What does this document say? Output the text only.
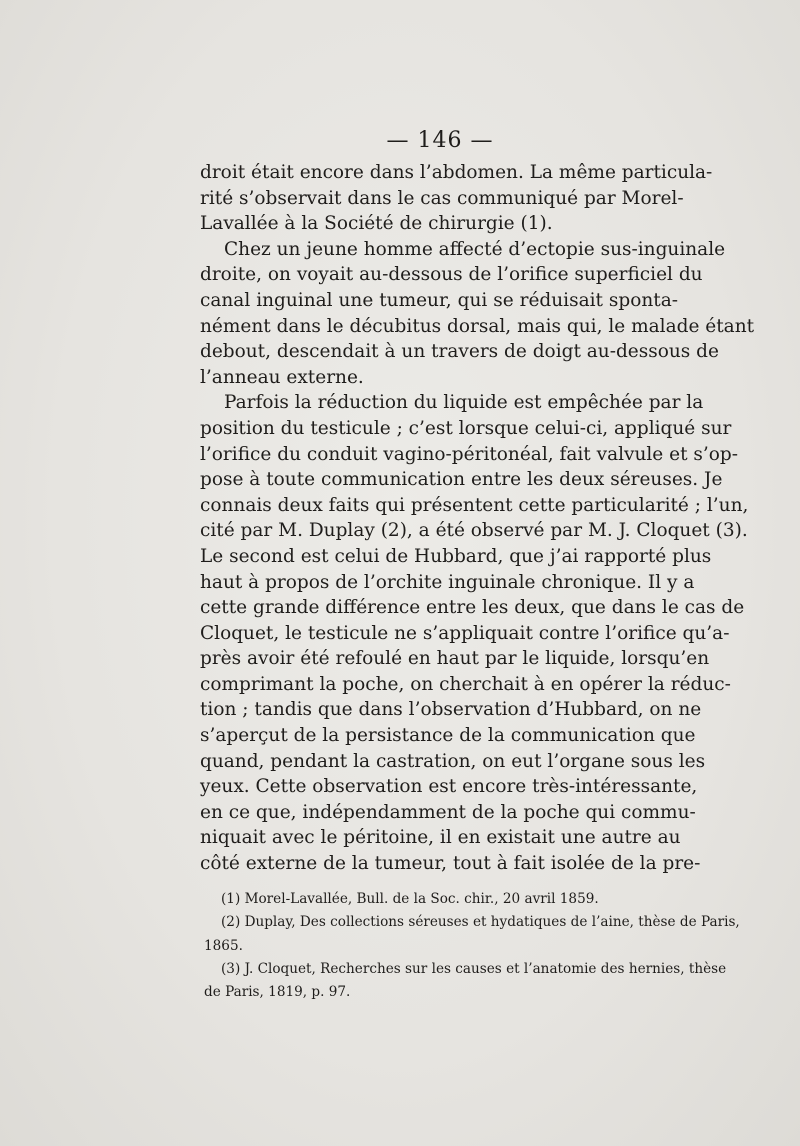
— 146 —
droit était encore dans l’abdomen. La même particula-
rité s’observait dans le cas communiqué par Morel-
Lavallée à la Société de chirurgie (1).
Chez un jeune homme affecté d’ectopie sus-inguinale
droite, on voyait au-dessous de l’orifice superficiel du
canal inguinal une tumeur, qui se réduisait sponta-
nément dans le décubitus dorsal, mais qui, le malade étant
debout, descendait à un travers de doigt au-dessous de
l’anneau externe.
Parfois la réduction du liquide est empêchée par la
position du testicule ; c’est lorsque celui-ci, appliqué sur
l’orifice du conduit vagino-péritonéal, fait valvule et s’op-
pose à toute communication entre les deux séreuses. Je
connais deux faits qui présentent cette particularité ; l’un,
cité par M. Duplay (2), a été observé par M. J. Cloquet (3).
Le second est celui de Hubbard, que j’ai rapporté plus
haut à propos de l’orchite inguinale chronique. Il y a
cette grande différence entre les deux, que dans le cas de
Cloquet, le testicule ne s’appliquait contre l’orifice qu’a-
près avoir été refoulé en haut par le liquide, lorsqu’en
comprimant la poche, on cherchait à en opérer la réduc-
tion ; tandis que dans l’observation d’Hubbard, on ne
s’aperçut de la persistance de la communication que
quand, pendant la castration, on eut l’organe sous les
yeux. Cette observation est encore très-intéressante,
en ce que, indépendamment de la poche qui commu-
niquait avec le péritoine, il en existait une autre au
côté externe de la tumeur, tout à fait isolée de la pre-
(1) Morel-Lavallée, Bull. de la Soc. chir., 20 avril 1859.
(2) Duplay, Des collections séreuses et hydatiques de l’aine, thèse de Paris,
1865.
(3) J. Cloquet, Recherches sur les causes et l’anatomie des hernies, thèse
de Paris, 1819, p. 97.
